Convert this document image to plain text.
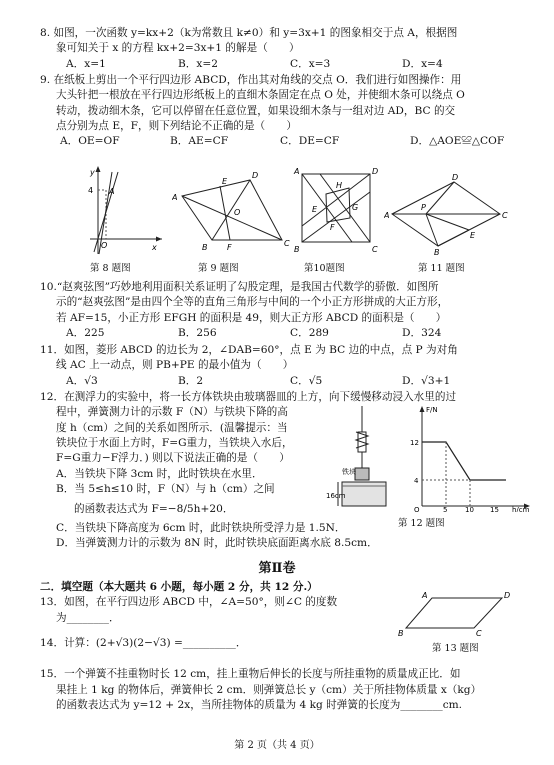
8. 如图，一次函数 y=kx+2（k为常数且 k≠0）和 y=3x+1 的图象相交于点 A，根据图
象可知关于 x 的方程 kx+2=3x+1 的解是（　　）
A．x=1	B．x=2	C．x=3	D．x=4
9. 在纸板上剪出一个平行四边形 ABCD，作出其对角线的交点 O．我们进行如图操作：用
大头针把一根放在平行四边形纸板上的直细木条固定在点 O 处，并使细木条可以绕点 O
转动，拨动细木条，它可以停留在任意位置，如果设细木条与一组对边 AD，BC 的交
点分别为点 E，F，则下列结论不正确的是（　　）
A．OE=OF	B．AE=CF	C．DE=CF	D．△AOE≌△COF
y
4 A
O	x
A
D
E
O
B F	C
A	D
H
E	G
F
B	C
A
D
P
C
E
B
第 8 题图	第 9 题图	第10题图	第 11 题图
10.“赵爽弦图”巧妙地利用面积关系证明了勾股定理，是我国古代数学的骄傲．如图所
示的“赵爽弦图”是由四个全等的直角三角形与中间的一个小正方形拼成的大正方形，
若 AF=15，小正方形 EFGH 的面积是 49，则大正方形 ABCD 的面积是（　　）
A．225	B．256	C．289	D．324
11．如图，菱形 ABCD 的边长为 2，∠DAB=60°，点 E 为 BC 边的中点，点 P 为对角
线 AC 上一动点，则 PB+PE 的最小值为（　　）
A．√3	B．2	C．√5	D．√3+1
12．在测浮力的实验中，将一长方体铁块由玻璃器皿的上方，向下缓慢移动浸入水里的过
程中，弹簧测力计的示数 F（N）与铁块下降的高
度 h（cm）之间的关系如图所示．(温馨提示：当
铁块位于水面上方时，F=G重力，当铁块入水后，
F=G重力−F浮力．) 则以下说法正确的是（　　）
A．当铁块下降 3cm 时，此时铁块在水里．
B．当 5≤h≤10 时，F（N）与 h（cm）之间
的函数表达式为 F=−8/5h+20．
C．当铁块下降高度为 6cm 时，此时铁块所受浮力是 1.5N．
D．当弹簧测力计的示数为 8N 时，此时铁块底面距离水底 8.5cm．
铁块
16cm
F/N
12
4
O	5	10 15 h/cm
第 12 题图
第Ⅱ卷
二．填空题（本大题共 6 小题，每小题 2 分，共 12 分.）
13．如图，在平行四边形 ABCD 中，∠A=50°，则∠C 的度数
为________．
14．计算：(2+√3)(2−√3) =__________．
15．一个弹簧不挂重物时长 12 cm，挂上重物后伸长的长度与所挂重物的质量成正比．如
果挂上 1 kg 的物体后，弹簧伸长 2 cm．则弹簧总长 y（cm）关于所挂物体质量 x（kg）
的函数表达式为 y=12 + 2x，当所挂物体的质量为 4 kg 时弹簧的长度为________cm.
A	D
B	C
第 13 题图
第 2 页（共 4 页）
